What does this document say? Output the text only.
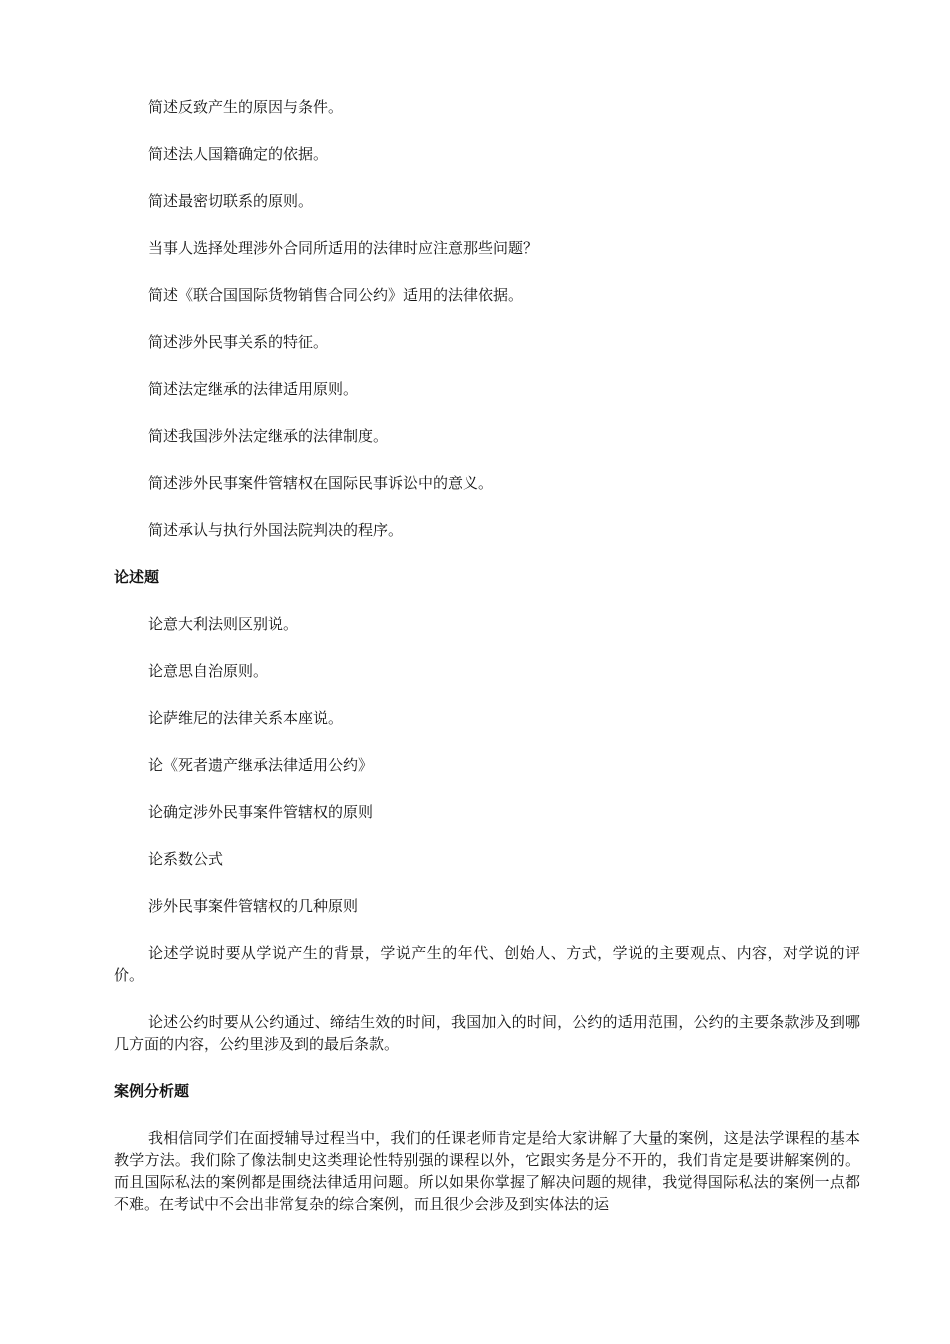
简述反致产生的原因与条件。

简述法人国籍确定的依据。

简述最密切联系的原则。

当事人选择处理涉外合同所适用的法律时应注意那些问题？

简述《联合国国际货物销售合同公约》适用的法律依据。

简述涉外民事关系的特征。

简述法定继承的法律适用原则。

简述我国涉外法定继承的法律制度。

简述涉外民事案件管辖权在国际民事诉讼中的意义。

简述承认与执行外国法院判决的程序。

论述题

论意大利法则区别说。

论意思自治原则。

论萨维尼的法律关系本座说。

论《死者遗产继承法律适用公约》

论确定涉外民事案件管辖权的原则

论系数公式

涉外民事案件管辖权的几种原则

论述学说时要从学说产生的背景，学说产生的年代、创始人、方式，学说的主要观点、内容，对学说的评价。

论述公约时要从公约通过、缔结生效的时间，我国加入的时间，公约的适用范围，公约的主要条款涉及到哪几方面的内容，公约里涉及到的最后条款。

案例分析题

我相信同学们在面授辅导过程当中，我们的任课老师肯定是给大家讲解了大量的案例，这是法学课程的基本教学方法。我们除了像法制史这类理论性特别强的课程以外，它跟实务是分不开的，我们肯定是要讲解案例的。而且国际私法的案例都是围绕法律适用问题。所以如果你掌握了解决问题的规律，我觉得国际私法的案例一点都不难。在考试中不会出非常复杂的综合案例，而且很少会涉及到实体法的运
